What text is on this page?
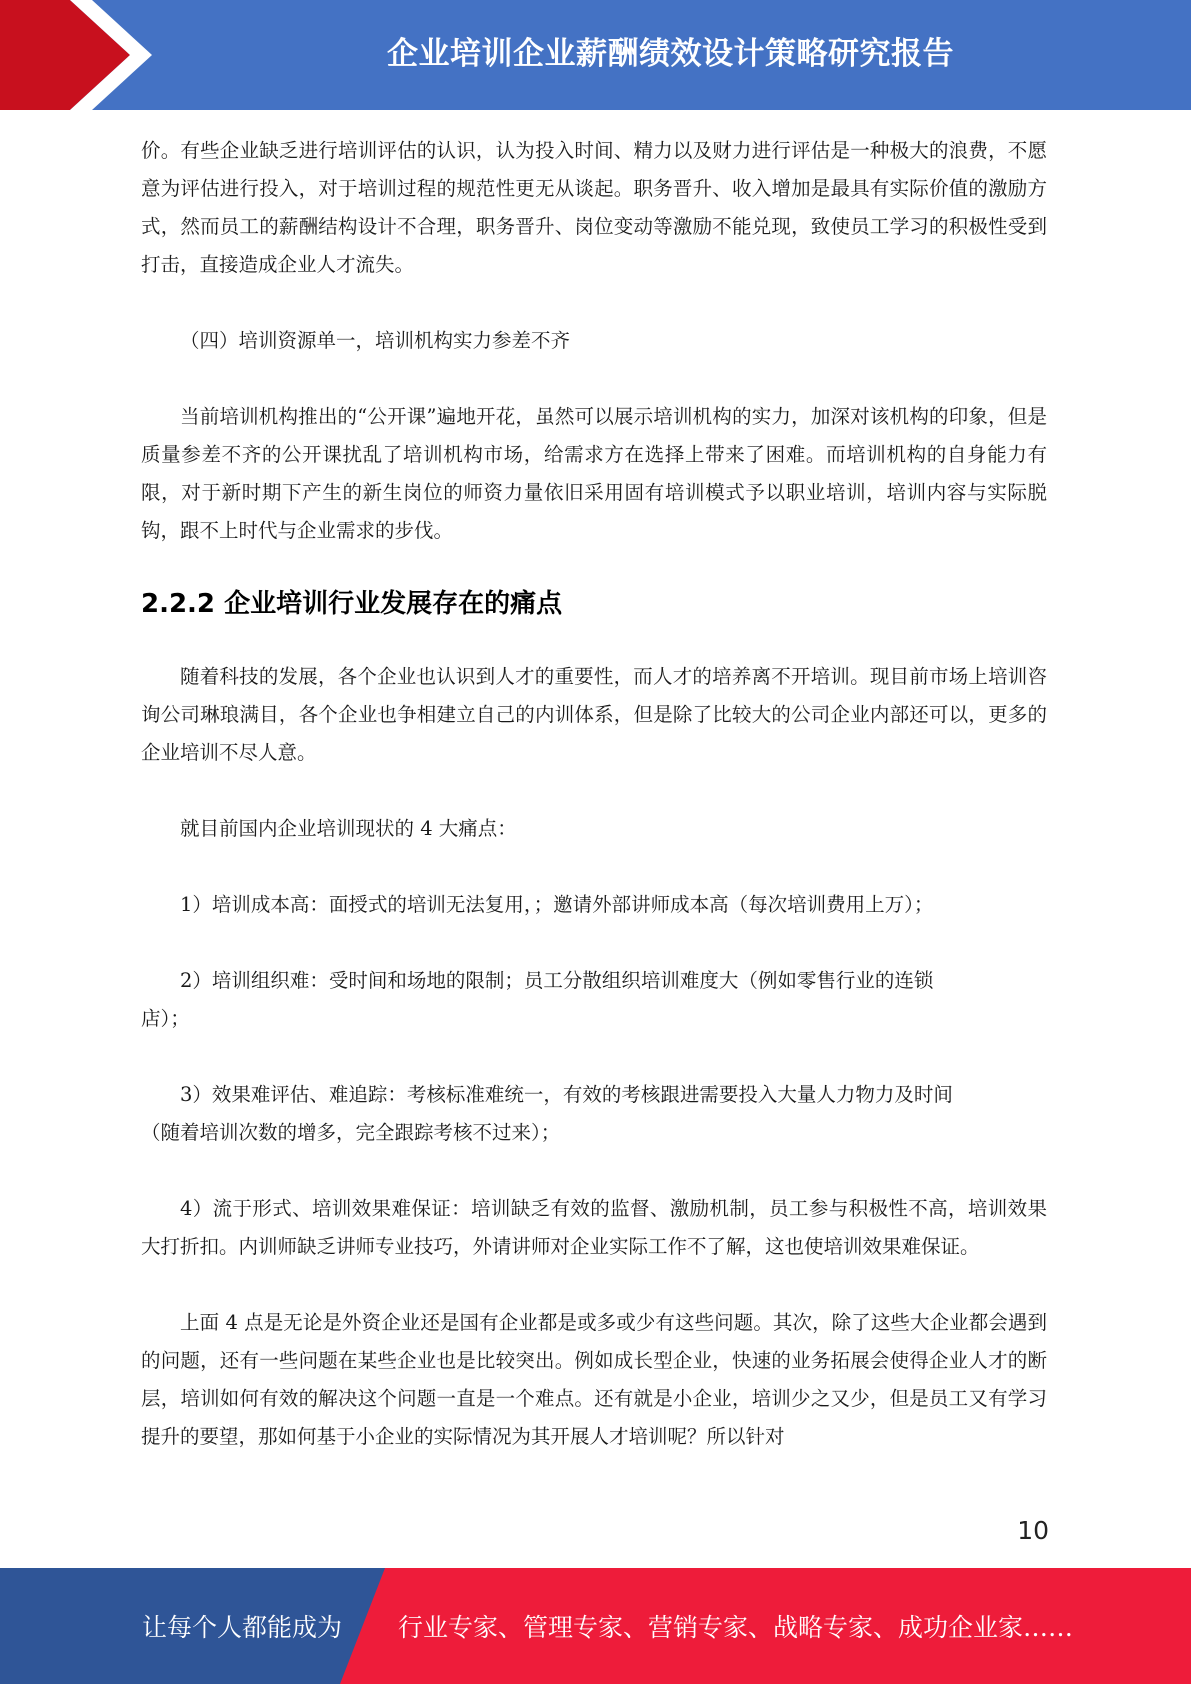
企业培训企业薪酬绩效设计策略研究报告

价。有些企业缺乏进行培训评估的认识，认为投入时间、精力以及财力进行评估是一种极大的浪费，不愿意为评估进行投入，对于培训过程的规范性更无从谈起。职务晋升、收入增加是最具有实际价值的激励方式，然而员工的薪酬结构设计不合理，职务晋升、岗位变动等激励不能兑现，致使员工学习的积极性受到打击，直接造成企业人才流失。

（四）培训资源单一，培训机构实力参差不齐

当前培训机构推出的“公开课”遍地开花，虽然可以展示培训机构的实力，加深对该机构的印象，但是质量参差不齐的公开课扰乱了培训机构市场，给需求方在选择上带来了困难。而培训机构的自身能力有限，对于新时期下产生的新生岗位的师资力量依旧采用固有培训模式予以职业培训，培训内容与实际脱钩，跟不上时代与企业需求的步伐。

2.2.2 企业培训行业发展存在的痛点

随着科技的发展，各个企业也认识到人才的重要性，而人才的培养离不开培训。现目前市场上培训咨询公司琳琅满目，各个企业也争相建立自己的内训体系，但是除了比较大的公司企业内部还可以，更多的企业培训不尽人意。

就目前国内企业培训现状的 4 大痛点：

1）培训成本高：面授式的培训无法复用，；邀请外部讲师成本高（每次培训费用上万）；

2）培训组织难：受时间和场地的限制；员工分散组织培训难度大（例如零售行业的连锁

店）；

3）效果难评估、难追踪：考核标准难统一，有效的考核跟进需要投入大量人力物力及时间

（随着培训次数的增多，完全跟踪考核不过来）；

4）流于形式、培训效果难保证：培训缺乏有效的监督、激励机制，员工参与积极性不高，培训效果大打折扣。内训师缺乏讲师专业技巧，外请讲师对企业实际工作不了解，这也使培训效果难保证。

上面 4 点是无论是外资企业还是国有企业都是或多或少有这些问题。其次，除了这些大企业都会遇到的问题，还有一些问题在某些企业也是比较突出。例如成长型企业，快速的业务拓展会使得企业人才的断层，培训如何有效的解决这个问题一直是一个难点。还有就是小企业，培训少之又少，但是员工又有学习提升的要望，那如何基于小企业的实际情况为其开展人才培训呢？所以针对

10
让每个人都能成为 行业专家、管理专家、营销专家、战略专家、成功企业家……
